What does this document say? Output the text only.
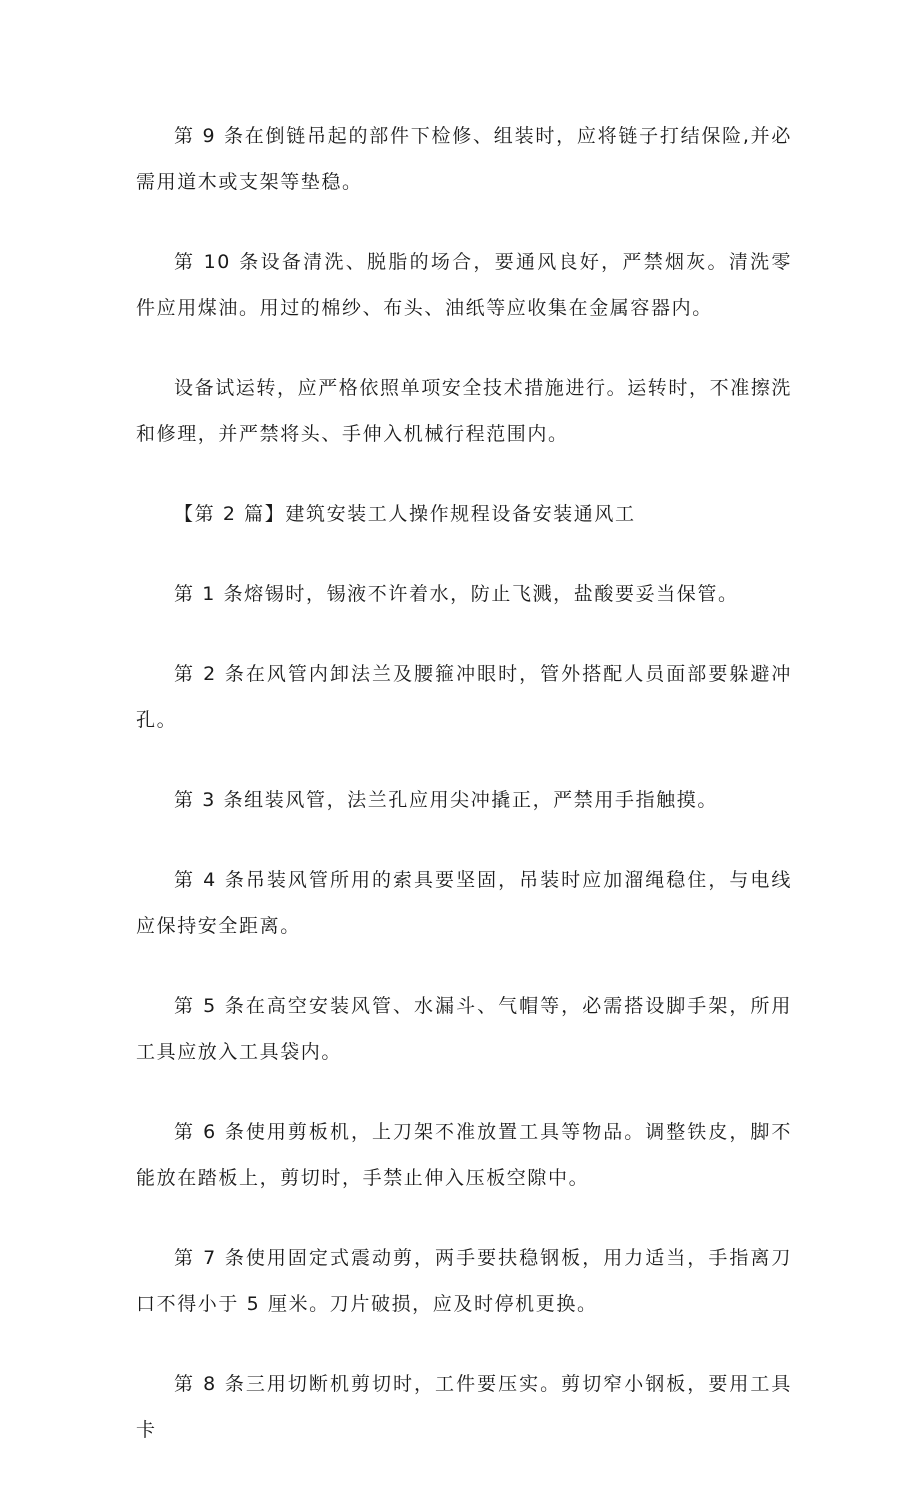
第 9 条在倒链吊起的部件下检修、组装时，应将链子打结保险,并必需用道木或支架等垫稳。

第 10 条设备清洗、脱脂的场合，要通风良好，严禁烟灰。清洗零件应用煤油。用过的棉纱、布头、油纸等应收集在金属容器内。

设备试运转，应严格依照单项安全技术措施进行。运转时，不准擦洗和修理，并严禁将头、手伸入机械行程范围内。

【第 2 篇】建筑安装工人操作规程设备安装通风工

第 1 条熔锡时，锡液不许着水，防止飞溅，盐酸要妥当保管。

第 2 条在风管内卸法兰及腰箍冲眼时，管外搭配人员面部要躲避冲孔。

第 3 条组装风管，法兰孔应用尖冲撬正，严禁用手指触摸。

第 4 条吊装风管所用的索具要坚固，吊装时应加溜绳稳住，与电线应保持安全距离。

第 5 条在高空安装风管、水漏斗、气帽等，必需搭设脚手架，所用工具应放入工具袋内。

第 6 条使用剪板机，上刀架不准放置工具等物品。调整铁皮，脚不能放在踏板上，剪切时，手禁止伸入压板空隙中。

第 7 条使用固定式震动剪，两手要扶稳钢板，用力适当，手指离刀口不得小于 5 厘米。刀片破损，应及时停机更换。

第 8 条三用切断机剪切时，工件要压实。剪切窄小钢板，要用工具卡
